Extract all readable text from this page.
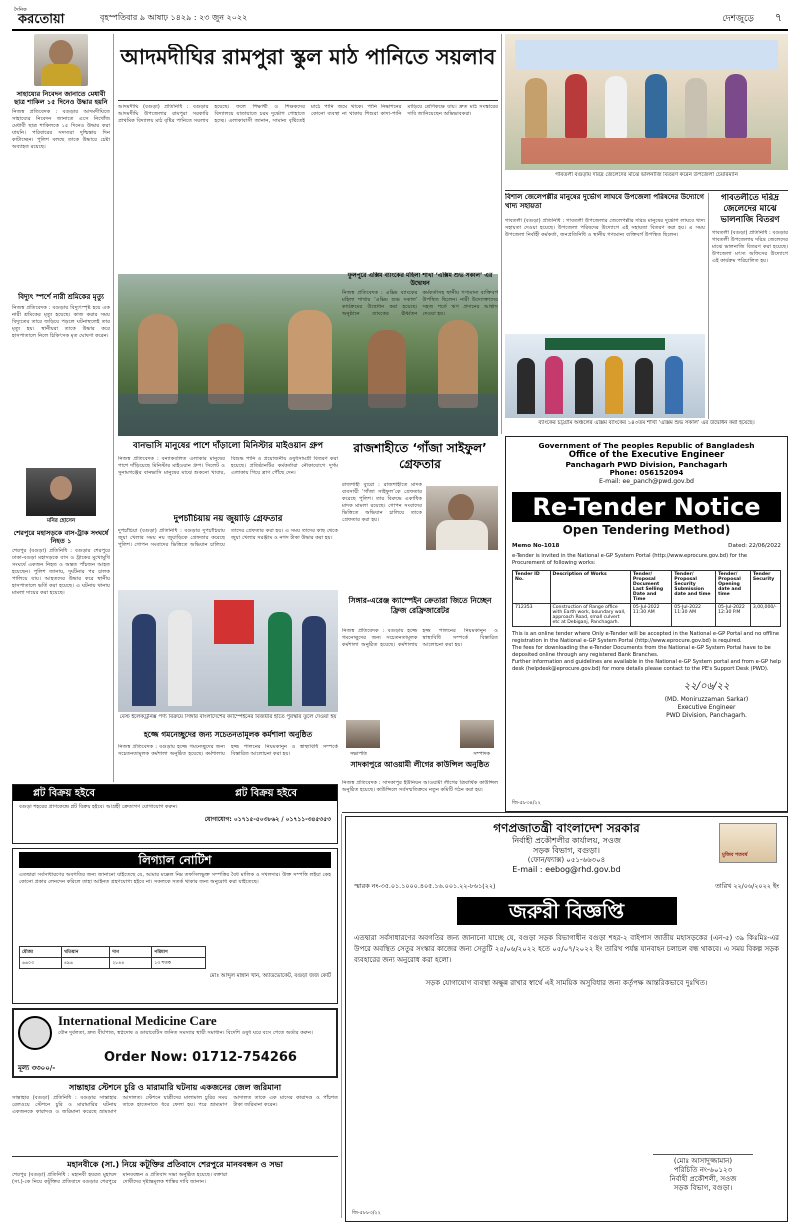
দৈনিক
করতোয়া	বৃহস্পতিবার ৯ আষাঢ় ১৪২৯ : ২৩ জুন ২০২২	দেশজুড়ে ৭
সাহায্যের নিবেদন জানাতে মেধাবী ছাত্র শাকিল ১৫ দিনেও উদ্ধার হয়নি
নিজস্ব প্রতিবেদক : বগুড়ার আদমদীঘিতে সাহায্যের নিবেদন জানাতে এসে নিখোঁজ মেধাবী ছাত্র শাকিলকে ১৫ দিনেও উদ্ধার করা যায়নি। পরিবারের সদস্যরা দুশ্চিন্তায় দিন কাটাচ্ছেন। পুলিশ বলছে তাকে উদ্ধারে চেষ্টা অব্যাহত রয়েছে।
বিদ্যুৎ স্পর্শে নারী শ্রমিকের মৃত্যু
নিজস্ব প্রতিবেদক : বগুড়ায় বিদ্যুৎস্পৃষ্ট হয়ে এক নারী শ্রমিকের মৃত্যু হয়েছে। কাজ করার সময় বিদ্যুতের তারে জড়িয়ে পড়লে ঘটনাস্থলেই তার মৃত্যু হয়। স্থানীয়রা তাকে উদ্ধার করে হাসপাতালে নিলে চিকিৎসক মৃত ঘোষণা করেন।
মনির হোসেন
শেরপুরে মহাসড়কে বাস-ট্রাক সংঘর্ষে নিহত ১
শেরপুর (বগুড়া) প্রতিনিধি : বগুড়ার শেরপুরে ঢাকা-বগুড়া মহাসড়কে বাস ও ট্রাকের মুখোমুখি সংঘর্ষে একজন নিহত ও অন্তত পাঁচজন আহত হয়েছেন। পুলিশ জানায়, দুর্ঘটনার পর চালক পালিয়ে যায়। আহতদের উদ্ধার করে স্থানীয় হাসপাতালে ভর্তি করা হয়েছে। এ ঘটনায় থানায় মামলা দায়ের করা হয়েছে।
আদমদীঘির রামপুরা স্কুল মাঠ পানিতে সয়লাব
আদমদীঘি (বগুড়া) প্রতিনিধি : বগুড়ার আদমদীঘি উপজেলার রামপুরা সরকারি প্রাথমিক বিদ্যালয় মাঠ বৃষ্টির পানিতে সয়লাব হয়েছে। ফলে শিক্ষার্থী ও শিক্ষকদের বিদ্যালয়ে যাতায়াতে চরম দুর্ভোগ পোহাতে হচ্ছে। এলাকাবাসী জানান, সামান্য বৃষ্টিতেই মাঠে পানি জমে থাকে। পানি নিষ্কাশনের কোনো ব্যবস্থা না থাকায় শিশুরা কাদা-পানি মাড়িয়ে শ্রেণিকক্ষে যায়। দ্রুত মাঠ সংস্কারের দাবি জানিয়েছেন অভিভাবকরা।
বানভাসি মানুষের পাশে দাঁড়ালো মিনিস্টার মাইওয়ান গ্রুপ
নিজস্ব প্রতিবেদক : বন্যাকবলিত এলাকার মানুষের পাশে দাঁড়িয়েছে মিনিস্টার মাইওয়ান গ্রুপ। সিলেট ও সুনামগঞ্জের বানভাসি মানুষের মাঝে শুকনো খাবার, বিশুদ্ধ পানি ও প্রয়োজনীয় ওষুধসামগ্রী বিতরণ করা হয়েছে। প্রতিষ্ঠানটির কর্মকর্তারা নৌকাযোগে দুর্গম এলাকায় গিয়ে ত্রাণ পৌঁছে দেন।
দুপচাঁচিয়ায় নয় জুয়াড়ি গ্রেফতার
দুপচাঁচিয়া (বগুড়া) প্রতিনিধি : বগুড়ার দুপচাঁচিয়ায় জুয়া খেলার সময় নয় জুয়াড়িকে গ্রেফতার করেছে পুলিশ। গোপন সংবাদের ভিত্তিতে অভিযান চালিয়ে তাদের গ্রেফতার করা হয়। এ সময় তাদের কাছ থেকে জুয়া খেলার সরঞ্জাম ও নগদ টাকা উদ্ধার করা হয়।
বেস্ট ইলেকট্রনিক্স পণ্য বিক্রয়ে সিঙ্গার বাংলাদেশের ক্যাম্পেইনের বিজয়ীর হাতে পুরস্কার তুলে দেওয়া হয়
হজ্জে গমনেচ্ছুদের জন্য সচেতনতামূলক কর্মশালা অনুষ্ঠিত
নিজস্ব প্রতিবেদক : বগুড়ায় হজ্জে গমনেচ্ছুদের জন্য সচেতনতামূলক কর্মশালা অনুষ্ঠিত হয়েছে। কর্মশালায় হজ্জ পালনের নিয়মকানুন ও স্বাস্থ্যবিধি সম্পর্কে বিস্তারিত আলোচনা করা হয়।
রাজশাহীতে ‘গাঁজা সাইফুল’ গ্রেফতার
রাজশাহী ব্যুরো : রাজশাহীতে মাদক ব্যবসায়ী ‘গাঁজা সাইফুল’কে গ্রেফতার করেছে পুলিশ। তার বিরুদ্ধে একাধিক মাদক মামলা রয়েছে। গোপন সংবাদের ভিত্তিতে অভিযান চালিয়ে তাকে গ্রেফতার করা হয়।
সিঙ্গার-এরেঞ্জ ক্যাম্পেইন ক্রেতারা জিতে নিচ্ছেন ফ্রিজ রেফ্রিজারেটর
নিজস্ব প্রতিবেদক : বগুড়ায় হজ্জে গমনেচ্ছুদের জন্য সচেতনতামূলক কর্মশালা অনুষ্ঠিত হয়েছে। কর্মশালায় হজ্জ পালনের নিয়মকানুন ও স্বাস্থ্যবিধি সম্পর্কে বিস্তারিত আলোচনা করা হয়।
ফুলপুরে এক্সিম ব্যাংকের মহিলা শাখা ‘এক্সিম শুভ সকাল’ এর উদ্বোধন
নিজস্ব প্রতিবেদক : এক্সিম ব্যাংকের মহিলা শাখায় ‘এক্সিম শুভ সকাল’ কার্যক্রমের উদ্বোধন করা হয়েছে। অনুষ্ঠানে ব্যাংকের ঊর্ধ্বতন কর্মকর্তাসহ স্থানীয় গণ্যমান্য ব্যক্তিবর্গ উপস্থিত ছিলেন। নারী উদ্যোক্তাদের সহজ শর্তে ঋণ প্রদানের আশ্বাস দেওয়া হয়।
সভাপতি	সম্পাদক
সাদকাপুরে আওয়ামী লীগের কাউন্সিল অনুষ্ঠিত
নিজস্ব প্রতিবেদক : সাদকাপুর ইউনিয়ন আওয়ামী লীগের ত্রিবার্ষিক কাউন্সিল অনুষ্ঠিত হয়েছে। কাউন্সিলে সর্বসম্মতিক্রমে নতুন কমিটি গঠন করা হয়।
গাবতলী বগুড়ায় দরিদ্র জেলেদের মাঝে ভালনাজি বিতরণ করেন উপজেলা চেয়ারম্যান
বিশাল জেলেপল্লীর মানুষের দুর্ভোগ লাঘবে উপজেলা পরিষদের উদ্যোগে খাদ্য সহায়তা
গাবতলী (বগুড়া) প্রতিনিধি : গাবতলী উপজেলার জেলেপল্লীর দরিদ্র মানুষের দুর্ভোগ লাঘবে খাদ্য সহায়তা দেওয়া হয়েছে। উপজেলা পরিষদের উদ্যোগে এই সহায়তা বিতরণ করা হয়। এ সময় উপজেলা নির্বাহী কর্মকর্তা, জনপ্রতিনিধি ও স্থানীয় গণ্যমান্য ব্যক্তিবর্গ উপস্থিত ছিলেন।
গাবতলীতে দরিদ্র জেলেদের মাঝে ভালনাজি বিতরণ
গাবতলী (বগুড়া) প্রতিনিধি : বগুড়ার গাবতলী উপজেলায় দরিদ্র জেলেদের মাঝে ভালনাজি বিতরণ করা হয়েছে। উপজেলা মৎস্য অফিসের উদ্যোগে এই কার্যক্রম পরিচালিত হয়।
ব্যাংকের চট্টগ্রাম অঞ্চলের এক্সিম ব্যাংকের ১৪৩তম শাখা ‘এক্সিম শুভ সকাল’ এর উদ্বোধন করা হয়েছে।
Government of The peoples Republic of Bangladesh
Office of the Executive Engineer
Panchagarh PWD Division, Panchagarh
Phone: 056152094
E-mail: ee_panch@pwd.gov.bd
Re-Tender Notice
Open Tendering Method)
Memo No-1018	Dated: 22/06/2022
e-Tender is invited in the National e-GP System Portal (http://www.eprocure.gov.bd) for the Procurement of following works:
Tender ID No.	Description of Works	Tender/ Proposal Document Last Selling Date and Time	Tender/ Proposal Security Submission date and time	Tender/ Proposal Opening date and time	Tender Security
712353	Construction of Range office with Earth work, boundary wall, approach Road, small culvert etc at Debiganj, Panchagarh.	05-Jul-2022 11:30 AM	05-Jul-2022 11:30 AM	05-Jul-2022 12:30 P.M	3,00,000/-
This is an online tender where Only e-Tender will be accepted in the National e-GP Portal and no offline registration in the National e-GP System Portal (http://www.eprocure.gov.bd) is required.
The fees for downloading the e-Tender Documents from the National e-GP System Portal have to be deposited online through any registered Bank Branches.
Further information and guidelines are available in the National e-GP System portal and from e-GP help desk (helpdesk@eprocure.gov.bd) for more details please contact to the PE's Support Desk (PWD).
২২/০৬/২২
(MD. Moniruzzaman Sarkar)
Executive Engineer
PWD Division, Panchagarh.
জি-৫৮৩৪/২২
প্লট বিক্রয় হইবে	প্লট বিক্রয় হইবে
বগুড়া শহরের প্রাণকেন্দ্রে প্লট বিক্রয় হইবে। আগ্রহী ক্রেতাগণ যোগাযোগ করুন।
যোগাযোগ: ০১৭১৫-৫০৩৮৬২ / ০১৭১১-৩৪৫৩৫৩
লিগ্যাল নোটিশ
এতদ্বারা সর্বসাধারণের অবগতির জন্য জানানো যাইতেছে যে, আমার মক্কেল নিম্ন তফসিলভুক্ত সম্পত্তির বৈধ মালিক ও দখলদার। উক্ত সম্পত্তি লইয়া কেহ কোনো প্রকার লেনদেন করিলে তাহা আইনত গ্রহণযোগ্য হইবে না। সকলকে সতর্ক থাকার জন্য অনুরোধ করা যাইতেছে।
মৌজা	খতিয়ান	দাগ	পরিমাণ
৬৬০৩	৪৯৬	২৮৪৪	১৩ শতক
মোঃ আব্দুল মান্নান খান, অ্যাডভোকেট, বগুড়া জজ কোর্ট
International Medicine Care
যৌন দুর্বলতা, দ্রুত বীর্যপাত, স্বপ্নদোষ ও ডায়াবেটিস জনিত সমস্যার স্থায়ী সমাধান। বিদেশি ওষুধ ঘরে বসে পেতে অর্ডার করুন।
Order Now: 01712-754266
মূল্য ৩৩০০/-
গণপ্রজাতন্ত্রী বাংলাদেশ সরকার
নির্বাহী প্রকৌশলীর কার্যালয়, সওজ
সড়ক বিভাগ, বগুড়া।
(ফোন/ফ্যাক্স) ০৫১-৬৬৩০৪
E-mail : eebog@rhd.gov.bd
মুজিব শতবর্ষ
স্মারক নং-৩৫.০১.১০০০.৪০৫.১৬.০০১.২২-৮৬১(২২)	তারিখ ২২/০৬/২০২২ ইং
জরুরী বিজ্ঞপ্তি
এতদ্বারা সর্বসাধারণের অবগতির জন্য জানানো যাচ্ছে যে, বগুড়া সড়ক বিভাগাধীন বগুড়া শহর-২ বাইপাস জাতীয় মহাসড়কের (এন-৫) ৩৯ কিঃমিঃ-এর উপরে অবস্থিত সেতুর সংস্কার কাজের জন্য সেতুটি ২৫/০৬/২০২২ হতে ০৫/০৭/২০২২ ইং তারিখ পর্যন্ত যানবাহন চলাচল বন্ধ থাকবে। এ সময় বিকল্প সড়ক ব্যবহারের জন্য অনুরোধ করা হলো।
সড়ক যোগাযোগ ব্যবস্থা অক্ষুন্ন রাখার স্বার্থে এই সাময়িক অসুবিধার জন্য কর্তৃপক্ষ আন্তরিকভাবে দুঃখিত।
(মোঃ আসাদুজ্জামান)
পরিচিতি নং-৬০১২৩
নির্বাহী প্রকৌশলী, সওজ
সড়ক বিভাগ, বগুড়া।
জি-৫৮৮৩/২২
সান্তাহার স্টেশনে চুরি ও মারামারি ঘটনায় একজনের জেল জরিমানা
সান্তাহার (বগুড়া) প্রতিনিধি : বগুড়ার সান্তাহার রেলওয়ে স্টেশনে চুরি ও মারামারির ঘটনায় একজনকে কারাদণ্ড ও জরিমানা করেছে ভ্রাম্যমাণ আদালত। স্টেশনে যাত্রীদের মালামাল চুরির সময় তাকে হাতেনাতে ধরে ফেলা হয়। পরে ভ্রাম্যমাণ আদালত তাকে এক মাসের কারাদণ্ড ও পাঁচশত টাকা জরিমানা করেন।
মহানবীকে (সা.) নিয়ে কটূক্তির প্রতিবাদে শেরপুরে মানববন্ধন ও সভা
শেরপুর (বগুড়া) প্রতিনিধি : মহানবী হযরত মুহাম্মদ (সা.)-কে নিয়ে কটূক্তির প্রতিবাদে বগুড়ার শেরপুরে মানববন্ধন ও প্রতিবাদ সভা অনুষ্ঠিত হয়েছে। বক্তারা দোষীদের দৃষ্টান্তমূলক শাস্তির দাবি জানান।
